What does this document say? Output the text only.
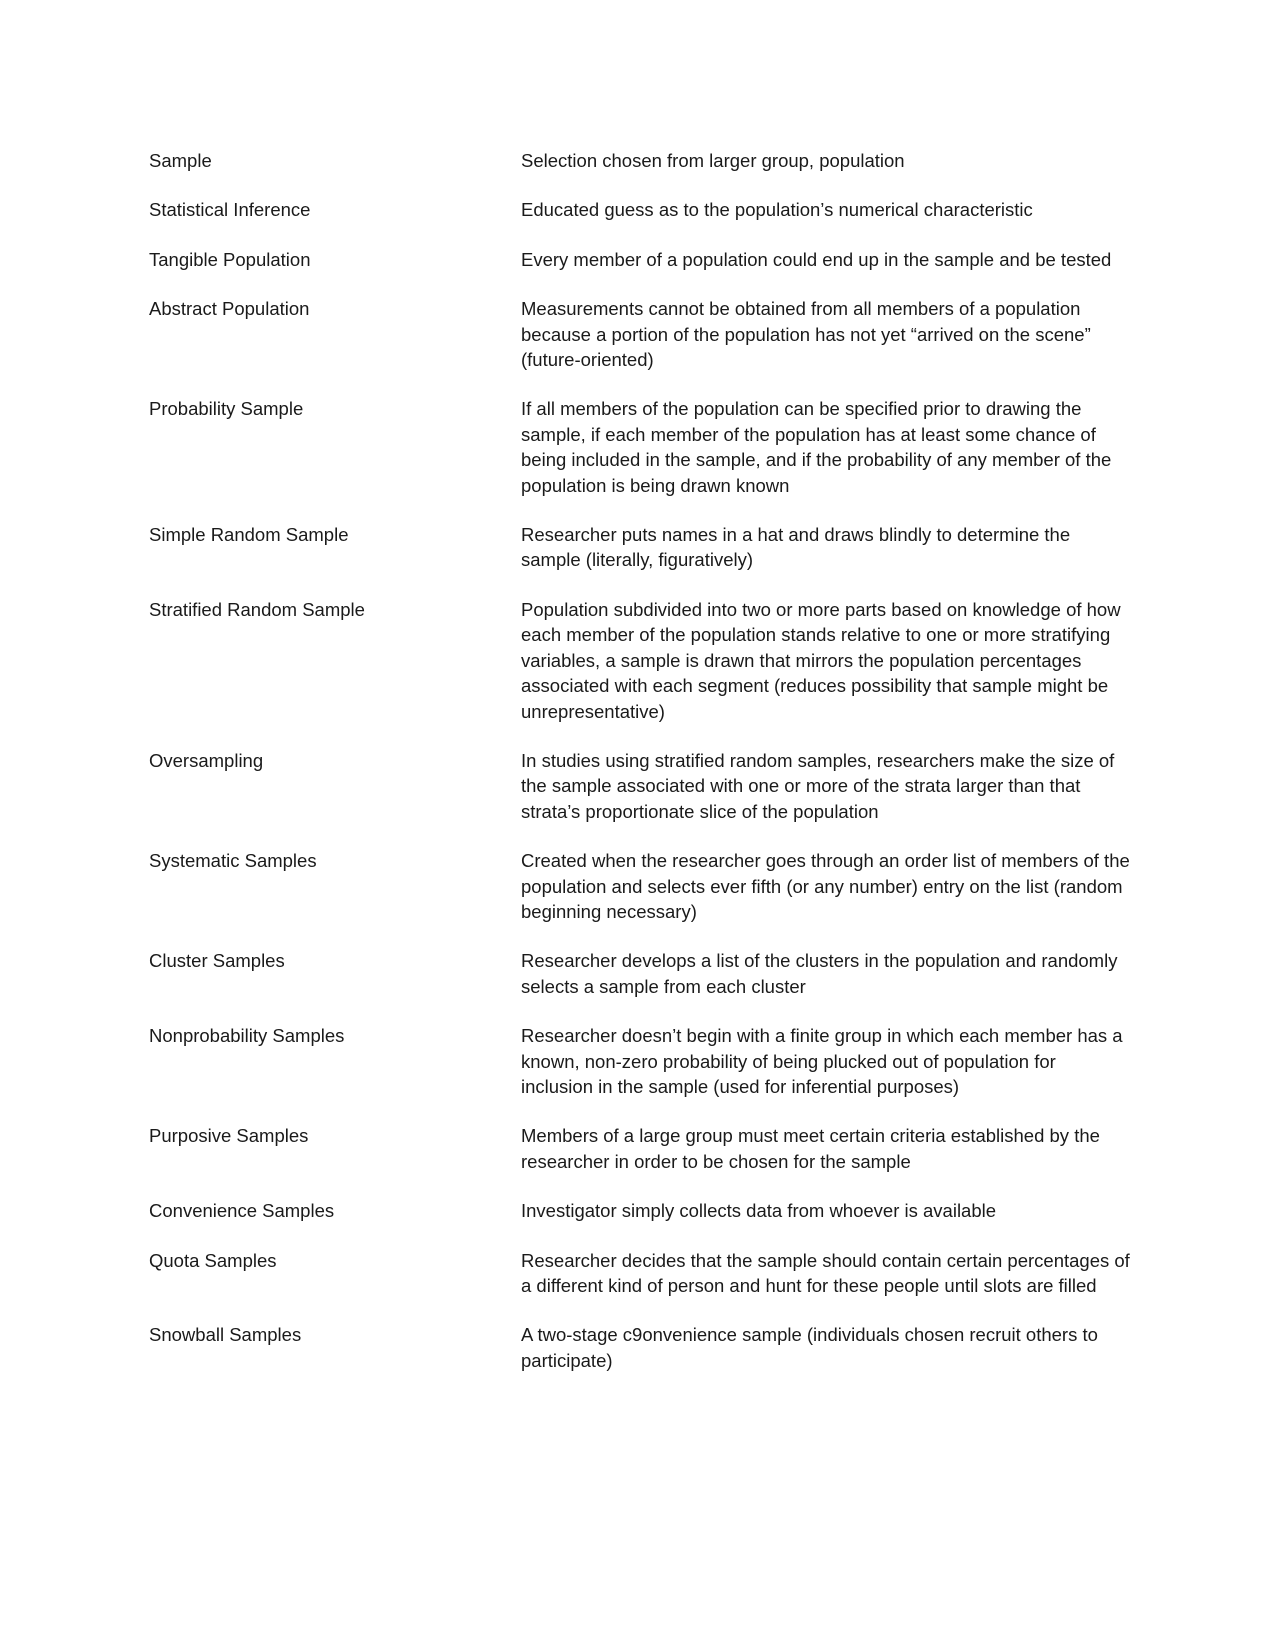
Sample	Selection chosen from larger group, population

Statistical Inference	Educated guess as to the population’s numerical characteristic

Tangible Population	Every member of a population could end up in the sample and be tested

Abstract Population	Measurements cannot be obtained from all members of a population because a portion of the population has not yet “arrived on the scene” (future-oriented)

Probability Sample	If all members of the population can be specified prior to drawing the sample, if each member of the population has at least some chance of being included in the sample, and if the probability of any member of the population is being drawn known

Simple Random Sample	Researcher puts names in a hat and draws blindly to determine the sample (literally, figuratively)

Stratified Random Sample	Population subdivided into two or more parts based on knowledge of how each member of the population stands relative to one or more stratifying variables, a sample is drawn that mirrors the population percentages associated with each segment (reduces possibility that sample might be unrepresentative)

Oversampling	In studies using stratified random samples, researchers make the size of the sample associated with one or more of the strata larger than that strata’s proportionate slice of the population

Systematic Samples	Created when the researcher goes through an order list of members of the population and selects ever fifth (or any number) entry on the list (random beginning necessary)

Cluster Samples	Researcher develops a list of the clusters in the population and randomly selects a sample from each cluster

Nonprobability Samples	Researcher doesn’t begin with a finite group in which each member has a known, non-zero probability of being plucked out of population for inclusion in the sample (used for inferential purposes)

Purposive Samples	Members of a large group must meet certain criteria established by the researcher in order to be chosen for the sample

Convenience Samples	Investigator simply collects data from whoever is available

Quota Samples	Researcher decides that the sample should contain certain percentages of a different kind of person and hunt for these people until slots are filled

Snowball Samples	A two-stage c9onvenience sample (individuals chosen recruit others to participate)
